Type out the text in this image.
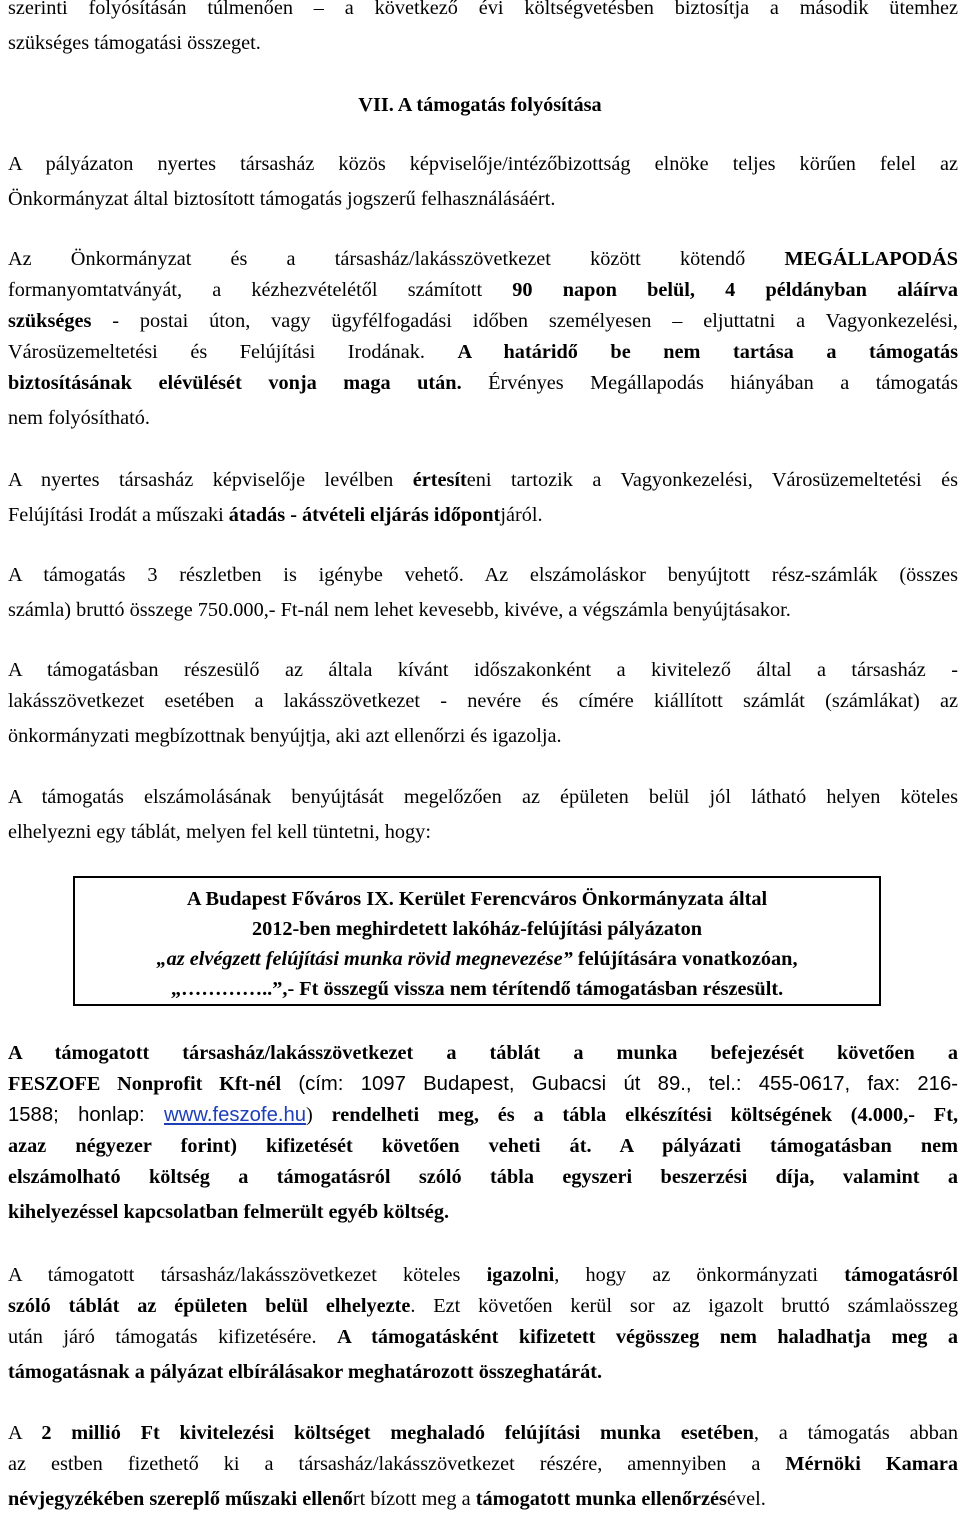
szerinti folyósításán túlmenően – a következő évi költségvetésben biztosítja a második ütemhez
szükséges támogatási összeget.
VII. A támogatás folyósítása
A pályázaton nyertes társasház közös képviselője/intézőbizottság elnöke teljes körűen felel az
Önkormányzat által biztosított támogatás jogszerű felhasználásáért.
Az Önkormányzat és a társasház/lakásszövetkezet között kötendő MEGÁLLAPODÁS
formanyomtatványát, a kézhezvételétől számított 90 napon belül, 4 példányban aláírva
szükséges - postai úton, vagy ügyfélfogadási időben személyesen – eljuttatni a Vagyonkezelési,
Városüzemeltetési és Felújítási Irodának. A határidő be nem tartása a támogatás
biztosításának elévülését vonja maga után. Érvényes Megállapodás hiányában a támogatás
nem folyósítható.
A nyertes társasház képviselője levélben értesíteni tartozik a Vagyonkezelési, Városüzemeltetési és
Felújítási Irodát a műszaki átadás - átvételi eljárás időpontjáról.
A támogatás 3 részletben is igénybe vehető. Az elszámoláskor benyújtott rész-számlák (összes
számla) bruttó összege 750.000,- Ft-nál nem lehet kevesebb, kivéve, a végszámla benyújtásakor.
A támogatásban részesülő az általa kívánt időszakonként a kivitelező által a társasház -
lakásszövetkezet esetében a lakásszövetkezet - nevére és címére kiállított számlát (számlákat) az
önkormányzati megbízottnak benyújtja, aki azt ellenőrzi és igazolja.
A támogatás elszámolásának benyújtását megelőzően az épületen belül jól látható helyen köteles
elhelyezni egy táblát, melyen fel kell tüntetni, hogy:
A Budapest Főváros IX. Kerület Ferencváros Önkormányzata által
2012-ben meghirdetett lakóház-felújítási pályázaton
„az elvégzett felújítási munka rövid megnevezése” felújítására vonatkozóan,
„…………..”,- Ft összegű vissza nem térítendő támogatásban részesült.
A támogatott társasház/lakásszövetkezet a táblát a munka befejezését követően a
FESZOFE Nonprofit Kft-nél (cím: 1097 Budapest, Gubacsi út 89., tel.: 455-0617, fax: 216-
1588; honlap: www.feszofe.hu) rendelheti meg, és a tábla elkészítési költségének (4.000,- Ft,
azaz négyezer forint) kifizetését követően veheti át. A pályázati támogatásban nem
elszámolható költség a támogatásról szóló tábla egyszeri beszerzési díja, valamint a
kihelyezéssel kapcsolatban felmerült egyéb költség.
A támogatott társasház/lakásszövetkezet köteles igazolni, hogy az önkormányzati támogatásról
szóló táblát az épületen belül elhelyezte. Ezt követően kerül sor az igazolt bruttó számlaösszeg
után járó támogatás kifizetésére. A támogatásként kifizetett végösszeg nem haladhatja meg a
támogatásnak a pályázat elbírálásakor meghatározott összeghatárát.
A 2 millió Ft kivitelezési költséget meghaladó felújítási munka esetében, a támogatás abban
az estben fizethető ki a társasház/lakásszövetkezet részére, amennyiben a Mérnöki Kamara
névjegyzékében szereplő műszaki ellenőrt bízott meg a támogatott munka ellenőrzésével.
